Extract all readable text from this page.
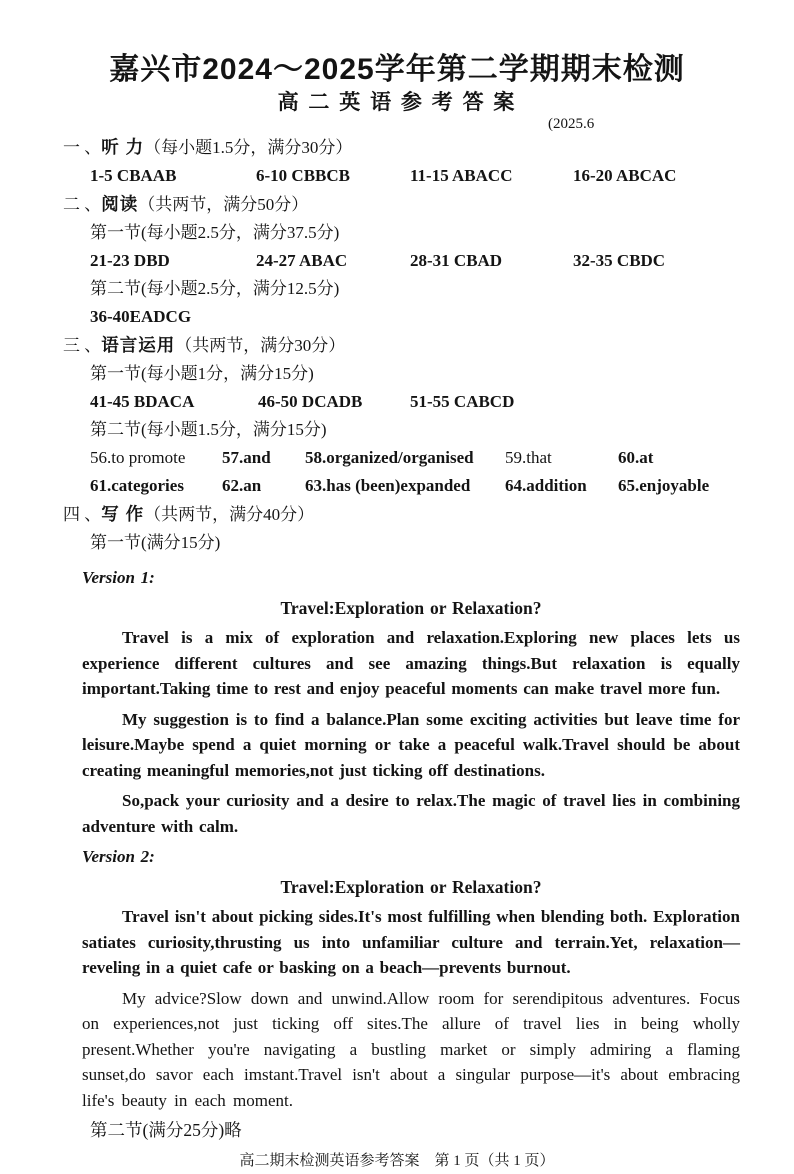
嘉兴市2024～2025学年第二学期期末检测
高 二 英 语 参 考 答 案
(2025.6
一 、听 力（每小题1.5分，满分30分）
1-5 CBAAB	6-10 CBBCB	11-15 ABACC	16-20 ABCAC
二 、阅读（共两节，满分50分）
第一节(每小题2.5分，满分37.5分)
21-23 DBD	24-27 ABAC	28-31 CBAD	32-35 CBDC
第二节(每小题2.5分，满分12.5分)
36-40EADCG
三 、语言运用（共两节，满分30分）
第一节(每小题1分，满分15分)
41-45 BDACA	46-50 DCADB	51-55 CABCD
第二节(每小题1.5分，满分15分)
56.to promote	57.and	58.organized/organised	59.that	60.at
61.categories	62.an	63.has (been)expanded	64.addition	65.enjoyable
四 、写 作（共两节，满分40分）
第一节(满分15分)

Version 1:

Travel:Exploration or Relaxation?

Travel is a mix of exploration and relaxation.Exploring new places lets us experience different cultures and see amazing things.But relaxation is equally important.Taking time to rest and enjoy peaceful moments can make travel more fun.

My suggestion is to find a balance.Plan some exciting activities but leave time for leisure.Maybe spend a quiet morning or take a peaceful walk.Travel should be about creating meaningful memories,not just ticking off destinations.

So,pack your curiosity and a desire to relax.The magic of travel lies in combining adventure with calm.

Version 2:

Travel:Exploration or Relaxation?

Travel isn't about picking sides.It's most fulfilling when blending both. Exploration satiates curiosity,thrusting us into unfamiliar culture and terrain.Yet, relaxation—reveling in a quiet cafe or basking on a beach—prevents burnout.

My advice?Slow down and unwind.Allow room for serendipitous adventures. Focus on experiences,not just ticking off sites.The allure of travel lies in being wholly present.Whether you're navigating a bustling market or simply admiring a flaming sunset,do savor each imstant.Travel isn't about a singular purpose—it's about embracing life's beauty in each moment.

第二节(满分25分)略
高二期末检测英语参考答案　第 1 页（共 1 页）
